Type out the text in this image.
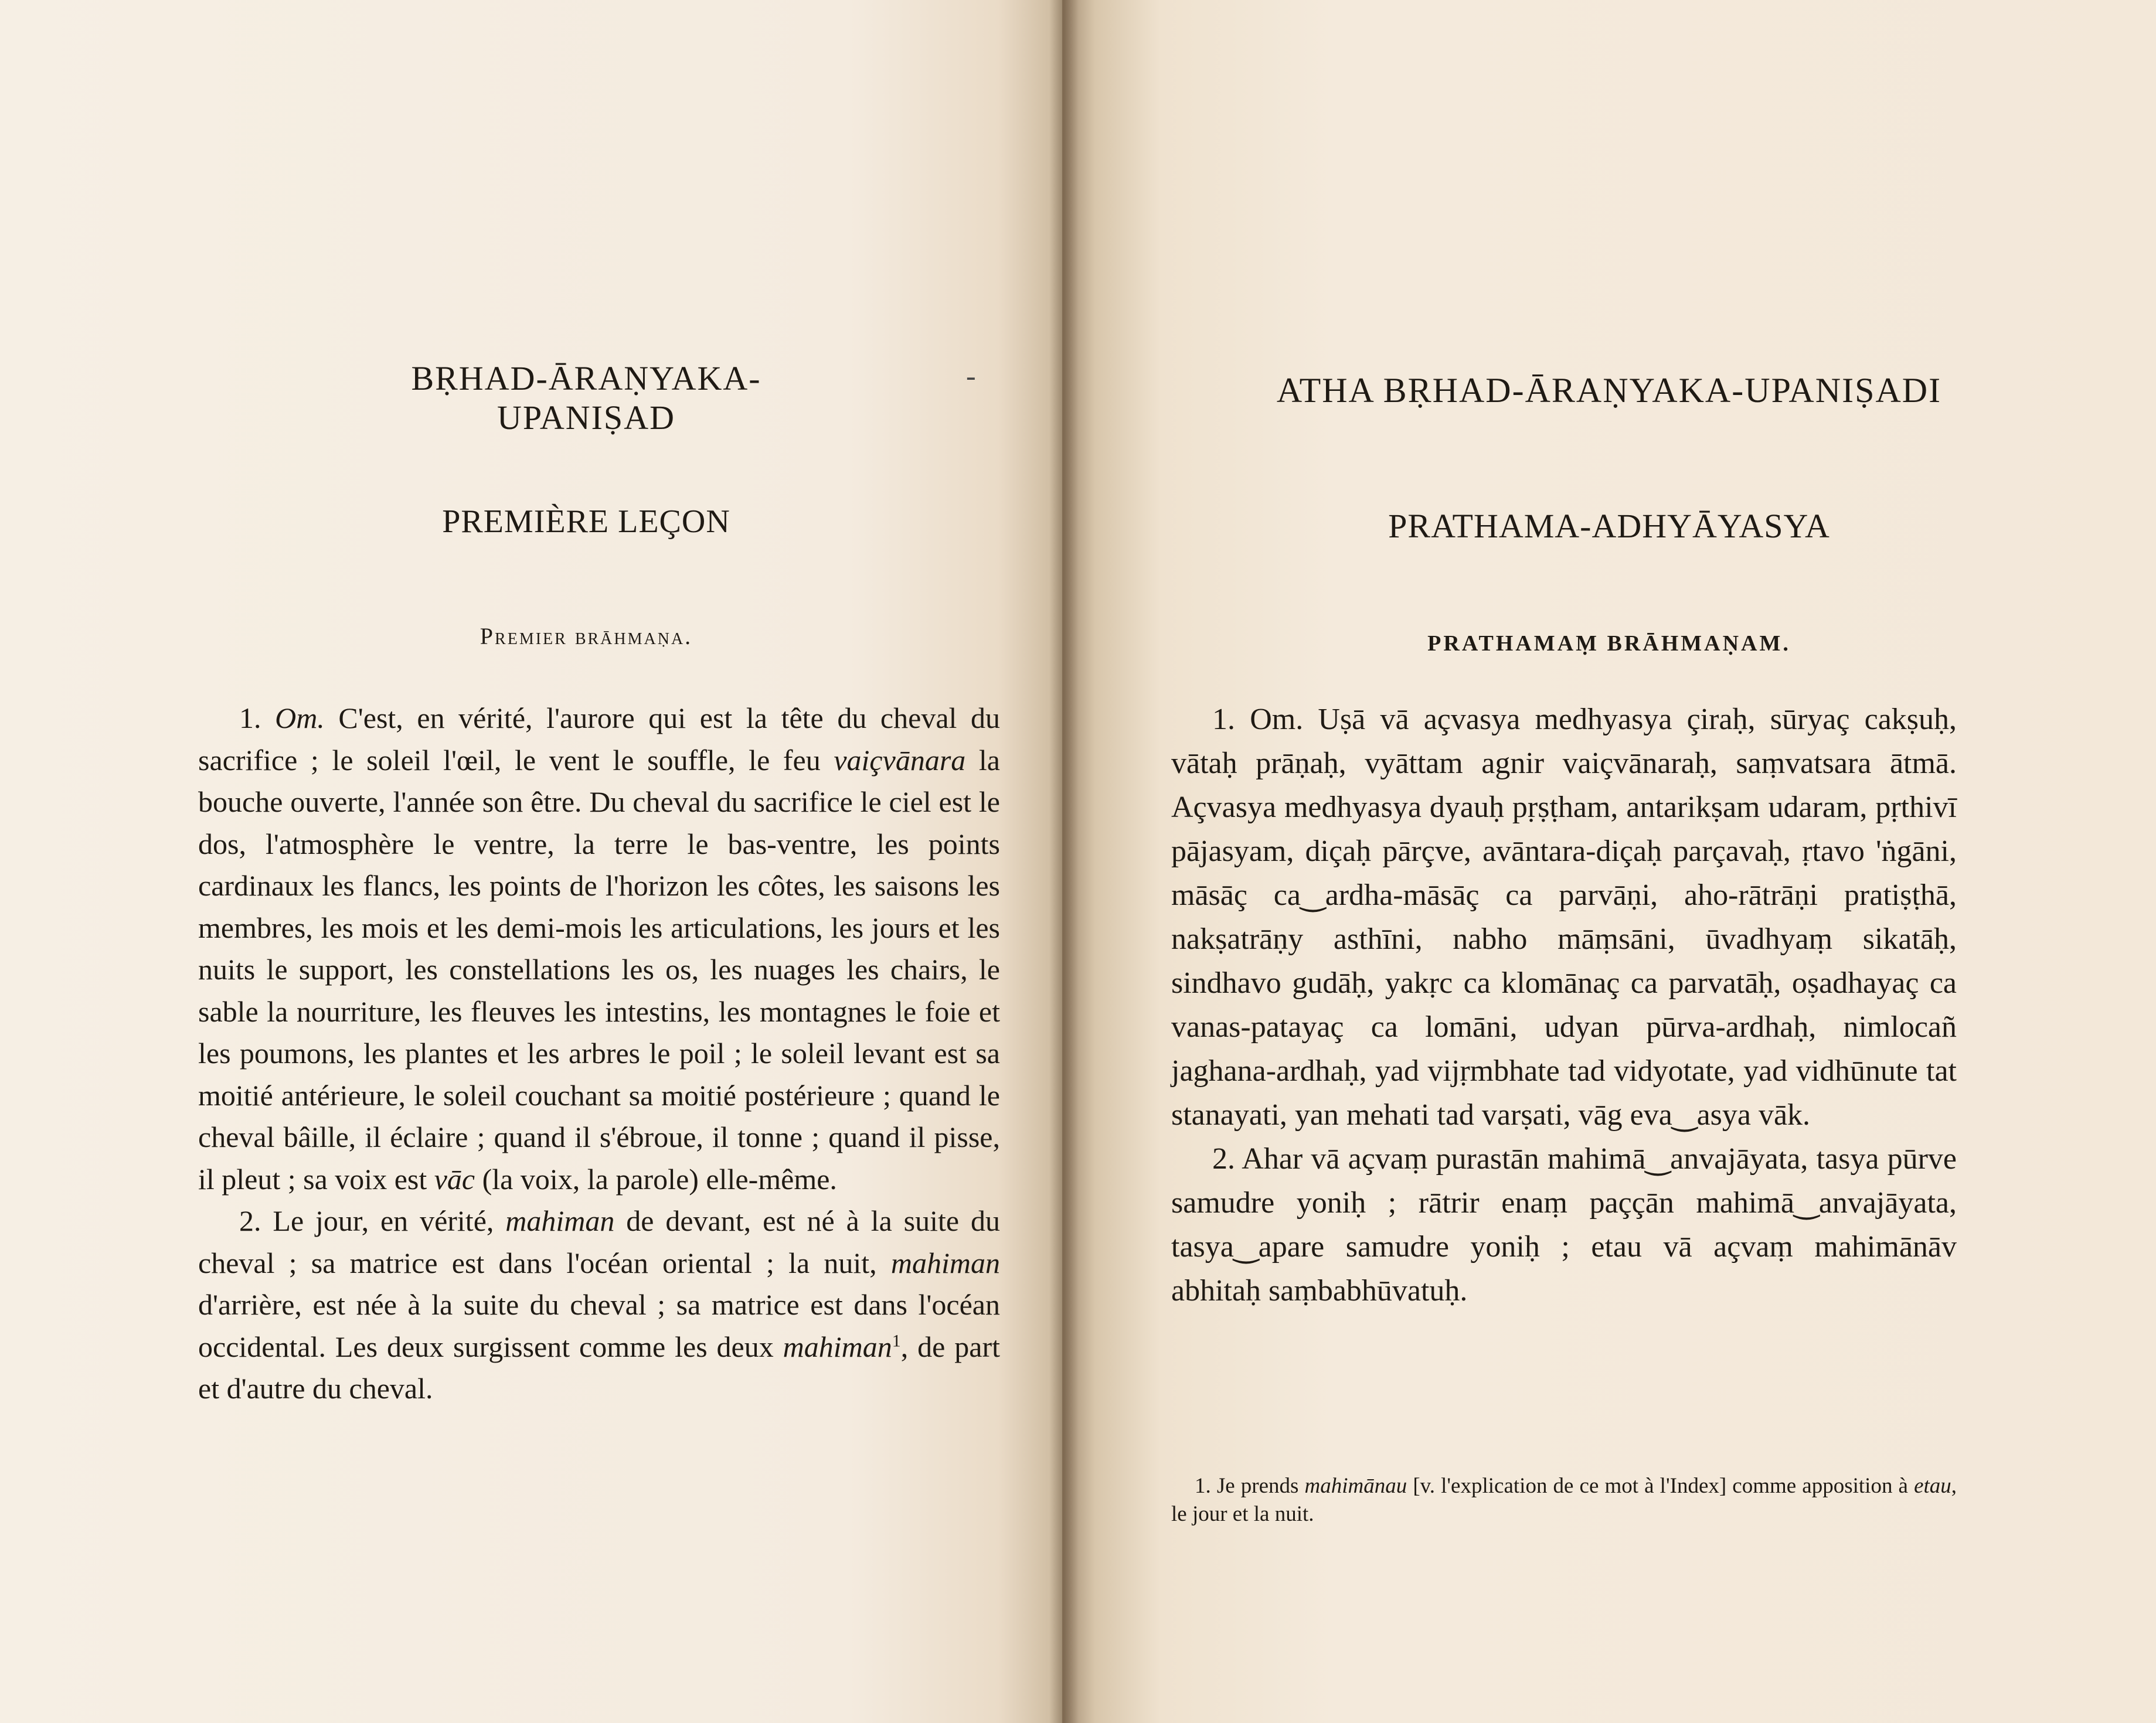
BṚHAD-ĀRAṆYAKA-UPANIṢAD
-
PREMIÈRE LEÇON
Premier brāhmaṇa.

1. Om. C'est, en vérité, l'aurore qui est la tête du cheval du sacrifice ; le soleil l'œil, le vent le souffle, le feu vaiçvānara la bouche ouverte, l'année son être. Du cheval du sacrifice le ciel est le dos, l'atmosphère le ventre, la terre le bas-ventre, les points cardinaux les flancs, les points de l'horizon les côtes, les saisons les membres, les mois et les demi-mois les articulations, les jours et les nuits le support, les constellations les os, les nuages les chairs, le sable la nourriture, les fleuves les intestins, les montagnes le foie et les poumons, les plantes et les arbres le poil ; le soleil levant est sa moitié antérieure, le soleil couchant sa moitié postérieure ; quand le cheval bâille, il éclaire ; quand il s'ébroue, il tonne ; quand il pisse, il pleut ; sa voix est vāc (la voix, la parole) elle-même.

2. Le jour, en vérité, mahiman de devant, est né à la suite du cheval ; sa matrice est dans l'océan oriental ; la nuit, mahiman d'arrière, est née à la suite du cheval ; sa matrice est dans l'océan occidental. Les deux surgissent comme les deux mahiman$^1$, de part et d'autre du cheval.

ATHA BṚHAD-ĀRAṆYAKA-UPANIṢADI
PRATHAMA-ADHYĀYASYA
PRATHAMAṂ BRĀHMAṆAM.

1. Om. Uṣā vā açvasya medhyasya çiraḥ, sūryaç cakṣuḥ, vātaḥ prāṇaḥ, vyāttam agnir vaiçvānaraḥ, saṃvatsara ātmā. Açvasya medhyasya dyauḥ pṛṣṭham, antarikṣam udaram, pṛthivī pājasyam, diçaḥ pārçve, avāntara-diçaḥ parçavaḥ, ṛtavo 'ṅgāni, māsāç ca‿ardha-māsāç ca parvāṇi, aho-rātrāṇi pratiṣṭhā, nakṣatrāṇy asthīni, nabho māṃsāni, ūvadhyaṃ sikatāḥ, sindhavo gudāḥ, yakṛc ca klomānaç ca parvatāḥ, oṣadhayaç ca vanas-patayaç ca lomāni, udyan pūrva-ardhaḥ, nimlocañ jaghana-ardhaḥ, yad vijṛmbhate tad vidyotate, yad vidhūnute tat stanayati, yan mehati tad varṣati, vāg eva‿asya vāk.

2. Ahar vā açvaṃ purastān mahimā‿anvajāyata, tasya pūrve samudre yoniḥ ; rātrir enaṃ paççān mahimā‿anvajāyata, tasya‿apare samudre yoniḥ ; etau vā açvaṃ mahimānāv abhitaḥ saṃbabhūvatuḥ.

1. Je prends mahimānau [v. l'explication de ce mot à l'Index] comme apposition à etau, le jour et la nuit.
